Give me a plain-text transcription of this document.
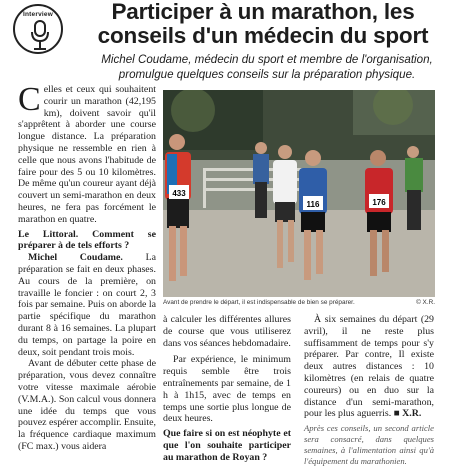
Interview	Participer à un marathon, les conseils d'un médecin du sport

Michel Coudame, médecin du sport et membre de l'organisation, promulgue quelques conseils sur la préparation physique.

Celles et ceux qui souhaitent courir un marathon (42,195 km), doivent savoir qu'il s'apprêtent à aborder une course longue distance. La préparation physique ne ressemble en rien à celle que nous avons l'habitude de faire pour des 5 ou 10 kilomètres. De même qu'un coureur ayant déjà couvert un semi-marathon en deux heures, ne fera pas forcément le marathon en quatre.

Le Littoral. Comment se préparer à de tels efforts ?

Michel Coudame. La préparation se fait en deux phases. Au cours de la première, on travaille le foncier : on court 2, 3 fois par semaine. Puis on aborde la partie spécifique du marathon durant 8 à 16 semaines. La plupart du temps, on partage la poire en deux, soit pendant trois mois.

Avant de débuter cette phase de préparation, vous devez connaître votre vitesse maximale aérobie (V.M.A.). Son calcul vous donnera une idée du temps que vous pouvez espérer accomplir. Ensuite, la fréquence cardiaque maximum (FC max.) vous aidera

433
116	176
Avant de prendre le départ, il est indispensable de bien se préparer.	© X.R.

à calculer les différentes allures de course que vous utiliserez dans vos séances hebdomadaire.

Par expérience, le minimum requis semble être trois entraînements par semaine, de 1 h à 1h15, avec de temps en temps une sortie plus longue de deux heures.

Que faire si on est néophyte et que l'on souhaite participer au marathon de Royan ?

À six semaines du départ (29 avril), il ne reste plus suffisamment de temps pour s'y préparer. Par contre, Il existe deux autres distances : 10 kilomètres (en relais de quatre coureurs) ou en duo sur la distance d'un semi-marathon, pour les plus aguerris. ■ X.R.

Après ces conseils, un second article sera consacré, dans quelques semaines, à l'alimentation ainsi qu'à l'équipement du marathonien.
